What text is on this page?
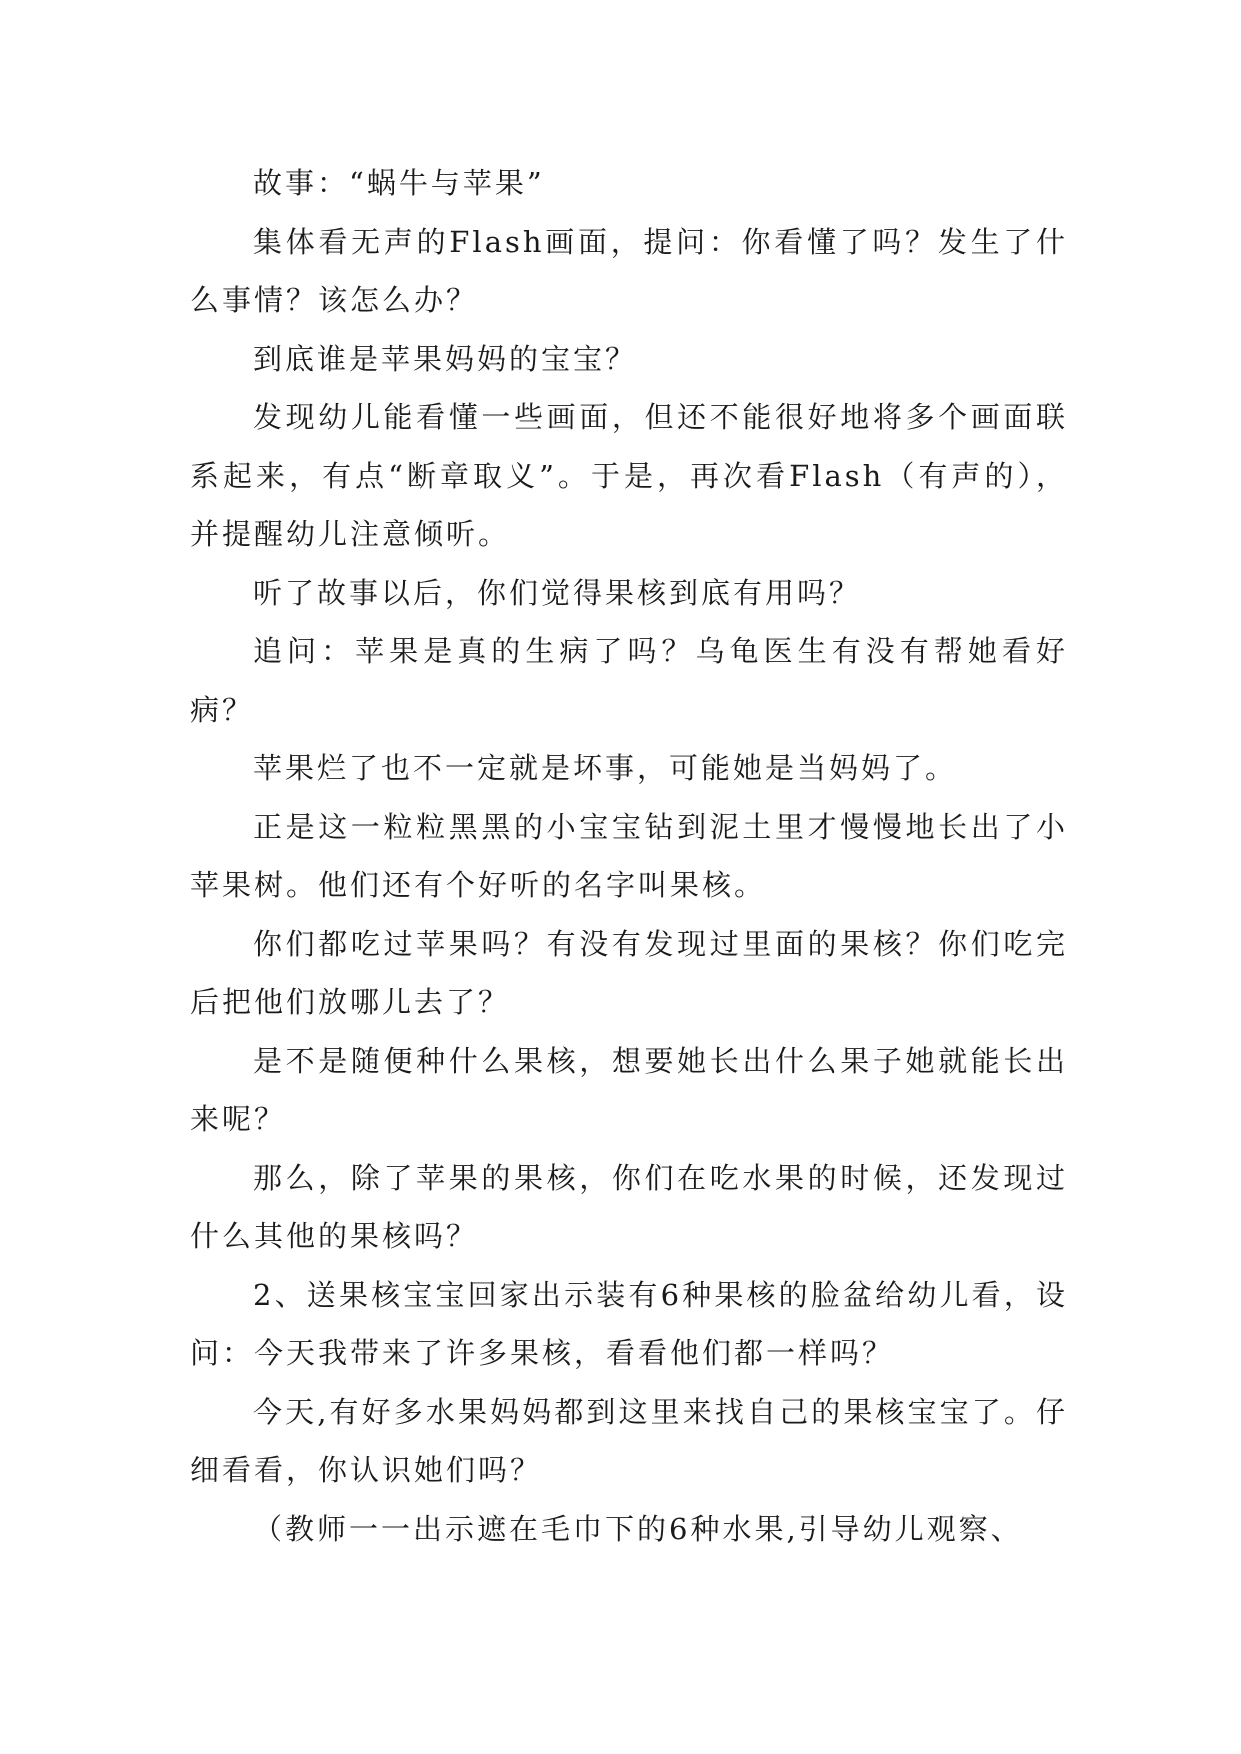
故事：“蜗牛与苹果”

集体看无声的Flash画面，提问：你看懂了吗？发生了什么事情？该怎么办？

到底谁是苹果妈妈的宝宝？

发现幼儿能看懂一些画面，但还不能很好地将多个画面联系起来，有点“断章取义”。于是，再次看Flash（有声的），并提醒幼儿注意倾听。

听了故事以后，你们觉得果核到底有用吗？

追问：苹果是真的生病了吗？乌龟医生有没有帮她看好病？

苹果烂了也不一定就是坏事，可能她是当妈妈了。

正是这一粒粒黑黑的小宝宝钻到泥土里才慢慢地长出了小苹果树。他们还有个好听的名字叫果核。

你们都吃过苹果吗？有没有发现过里面的果核？你们吃完后把他们放哪儿去了？

是不是随便种什么果核，想要她长出什么果子她就能长出来呢？

那么，除了苹果的果核，你们在吃水果的时候，还发现过什么其他的果核吗？

2、送果核宝宝回家出示装有6种果核的脸盆给幼儿看，设问：今天我带来了许多果核，看看他们都一样吗？

今天,有好多水果妈妈都到这里来找自己的果核宝宝了。仔细看看，你认识她们吗？

（教师一一出示遮在毛巾下的6种水果,引导幼儿观察、
